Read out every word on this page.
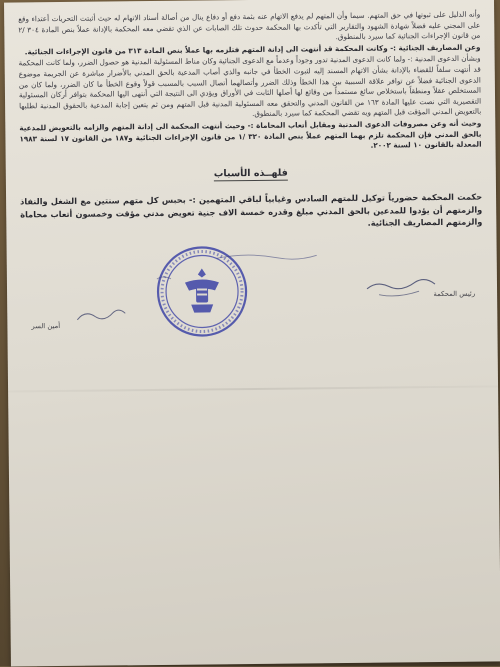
وأنه الدليل على ثبوتها في حق المتهم. سيما وأن المتهم لم يدفع الاتهام عنه بثمة دفع أو دفاع ينال من أصالة أسناد الاتهام له حيث أثبتت التحريات أعتداء وقع على المجني عليه فضلاً شهادة الشهود والتقارير التي تأكدت بها المحكمة حدوث تلك الصابات عن الذي تقضي معه المحكمة بالإدانة عملاً بنص المادة ٣٠٤ /٢ من قانون الإجراءات الجنائية كما سيرد بالمنطوق.

وعن المصاريف الجنائية :- وكانت المحكمة قد أنتهت الى إدانة المتهم فتلزمه بها عملاً بنص المادة ٣١٣ من قانون الإجراءات الجنائية.

وبشأن الدعوى المدنية :- ولما كانت الدعوى المدنية تدور وجوداً وعدماً مع الدعوى الجنائية وكان مناط المسئولية المدنية هو حصول الضرر، ولما كانت المحكمة قد أنتهت سلفاً للقضاء بالإدانة بشأن الاتهام المسند إليه لثبوت الخطأ في جانبه والذي أصاب المدعية بالحق المدني بالأضرار مباشرة عن الجريمة موضوع الدعوى الجنائية فضلاً عن توافر علاقة السببية بين هذا الخطأ وذلك الضرر وأتصالهما أتصال السبب بالمسبب قولاً وقوع الخطأ ما كان الضرر، ولما كان من المستخلص عقلاً ومنطقاً باستخلاص سائغ مستمداً من وقائع لها أصلها الثابت في الأوراق ويؤدي الى النتيجة التي أنتهى اليها المحكمة بتوافر أركان المسئولية التقصيرية التي نصت عليها المادة ١٦٣ من القانون المدني والتحقق معه المسئولية المدنية قبل المتهم ومن ثم يتعين إجابة المدعية بالحقوق المدنية لطلبها بالتعويض المدني المؤقت قبل المتهم ويه تقضي المحكمة كما سيرد بالمنطوق.

وحيث أنه وعن مصروفات الدعوى المدنية ومقابل أتعاب المحاماة :- وحيث أنتهت المحكمة الى إدانة المتهم والزامه بالتعويض للمدعية بالحق المدني فإن المحكمة تلزم بهما المتهم عملاً بنص المادة ٣٢٠ /١ من قانون الإجراءات الجنائية و١٨٧ من القانون ١٧ لسنة ١٩٨٣ المعدلة بالقانون ١٠ لسنة ٢٠٠٢.

فلهــذه الأسباب

حكمت المحكمة حضورياً توكيل للمتهم السادس وغيابياً لباقي المتهمين :- بحبس كل متهم سنتين مع الشغل والنفاذ والزمتهم أن يؤدوا للمدعين بالحق المدني مبلغ وقدره خمسة الاف جنية تعويض مدني مؤقت وخمسون أتعاب محاماة والزمتهم المصاريف الجنائية.

رئيس المحكمة
أمين السر
